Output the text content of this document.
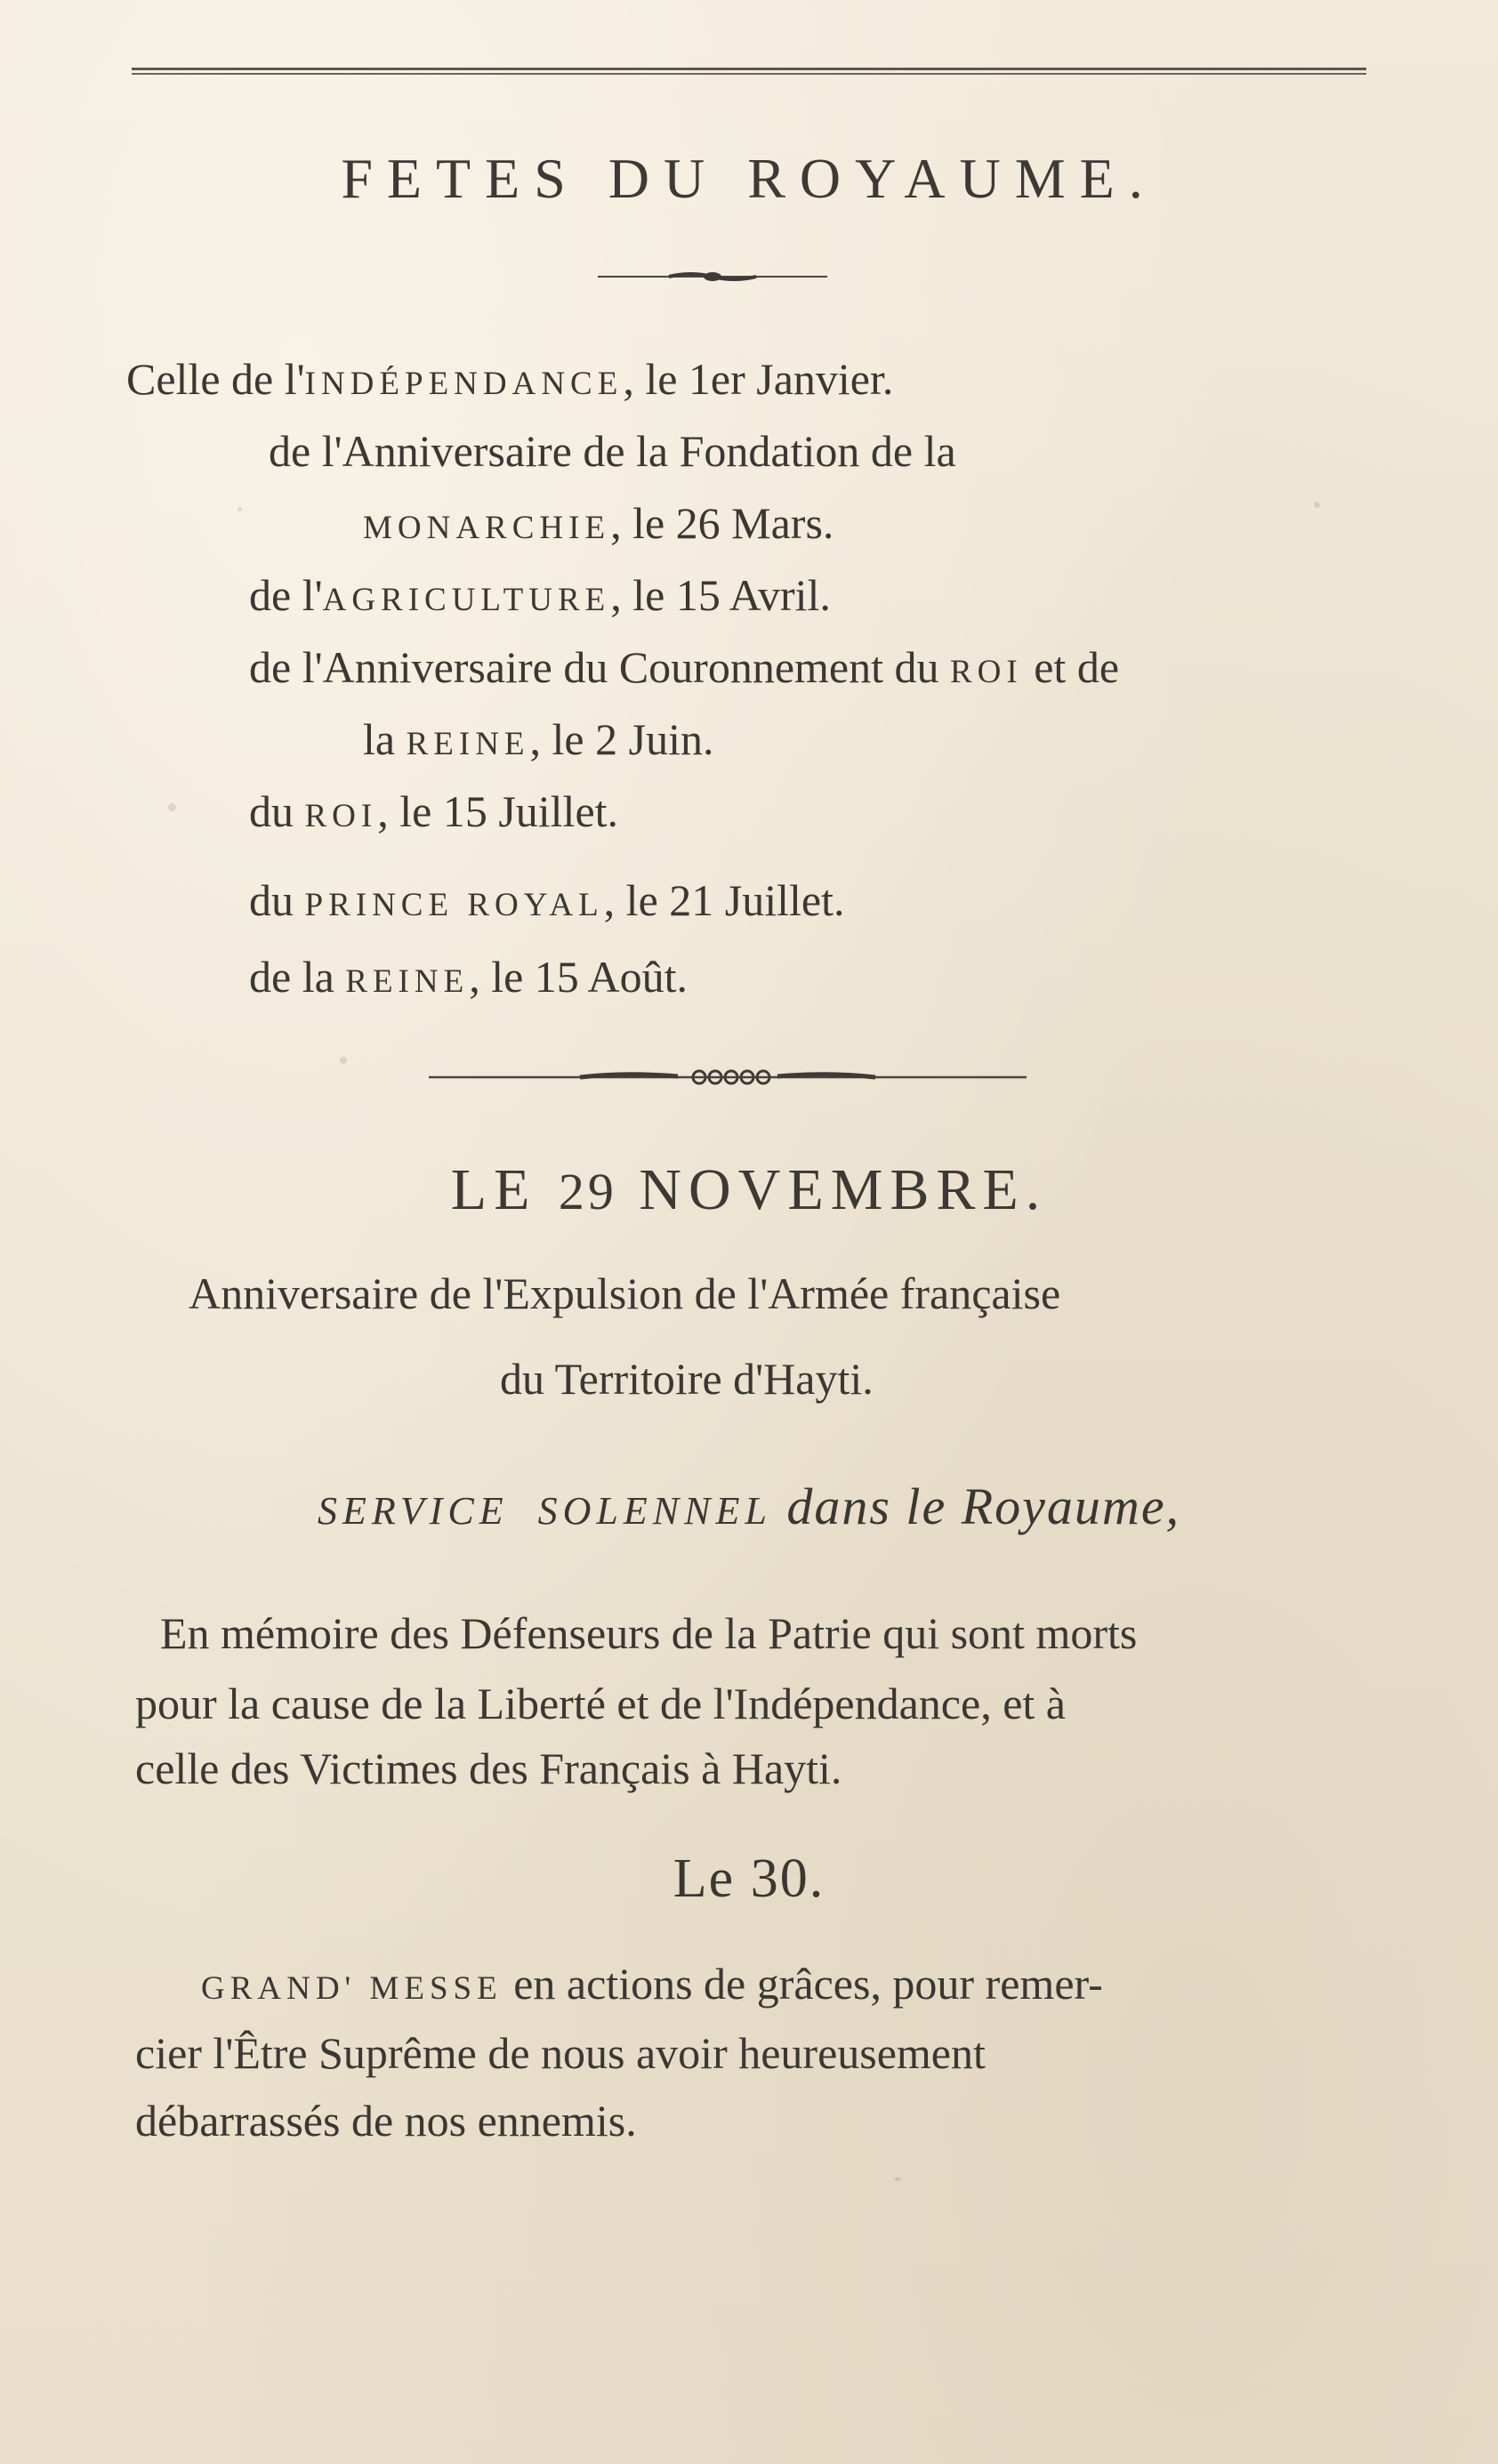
FETES DU ROYAUME.
Celle de l'INDÉPENDANCE, le 1er Janvier.
de l'Anniversaire de la Fondation de la
MONARCHIE, le 26 Mars.
de l'AGRICULTURE, le 15 Avril.
de l'Anniversaire du Couronnement du ROI et de
la REINE, le 2 Juin.
du ROI, le 15 Juillet.
du PRINCE ROYAL, le 21 Juillet.
de la REINE, le 15 Août.
LE 29 NOVEMBRE.
Anniversaire de l'Expulsion de l'Armée française
du Territoire d'Hayti.
SERVICE SOLENNEL dans le Royaume,
En mémoire des Défenseurs de la Patrie qui sont morts
pour la cause de la Liberté et de l'Indépendance, et à
celle des Victimes des Français à Hayti.
Le 30.
GRAND' MESSE en actions de grâces, pour remer-
cier l'Être Suprême de nous avoir heureusement
débarrassés de nos ennemis.
